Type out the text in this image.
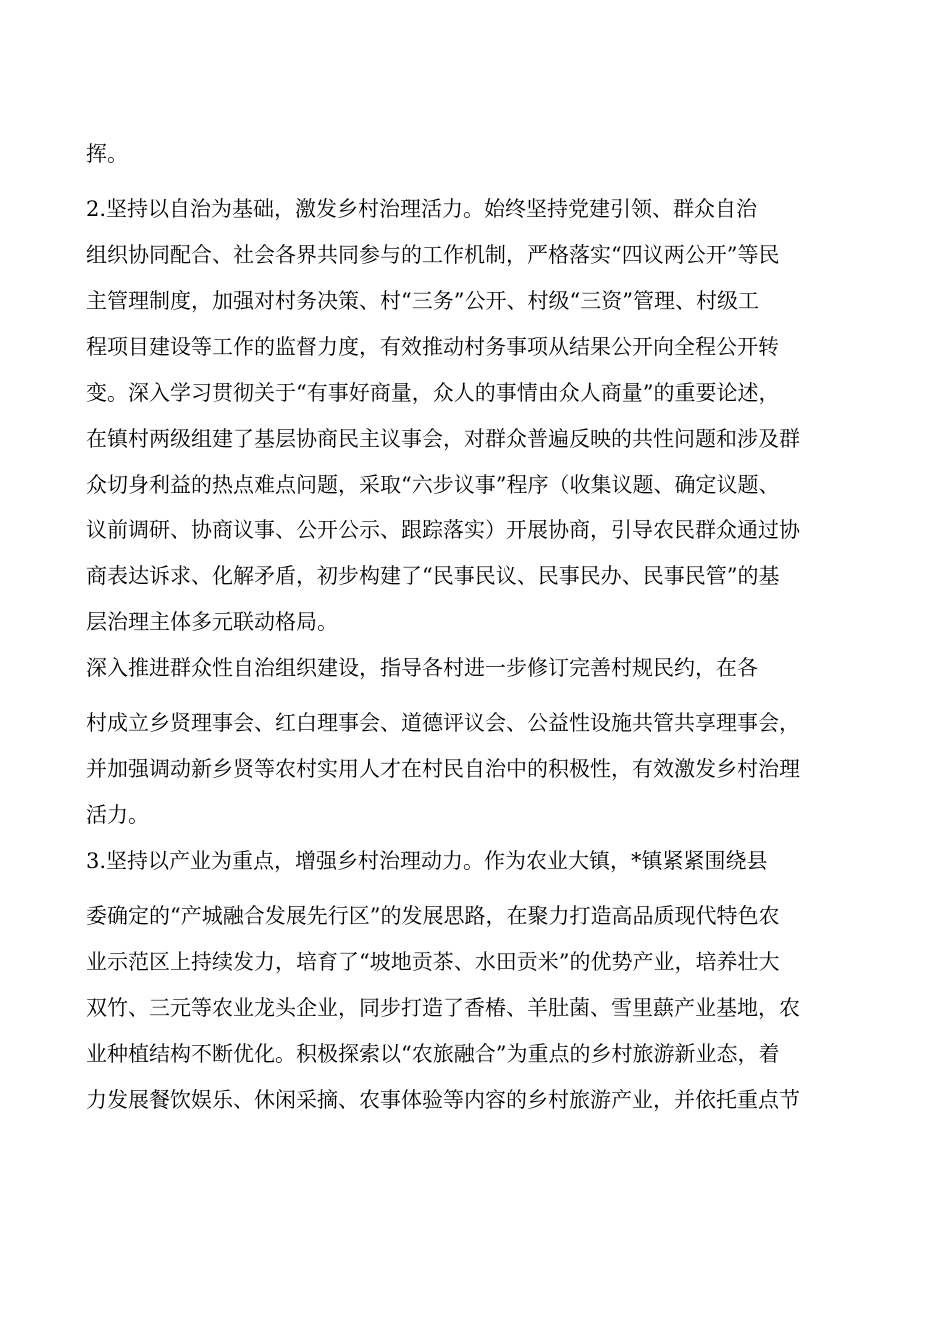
挥。
2.坚持以自治为基础，激发乡村治理活力。始终坚持党建引领、群众自治
组织协同配合、社会各界共同参与的工作机制，严格落实“四议两公开”等民
主管理制度，加强对村务决策、村“三务”公开、村级“三资”管理、村级工
程项目建设等工作的监督力度，有效推动村务事项从结果公开向全程公开转
变。深入学习贯彻关于“有事好商量，众人的事情由众人商量”的重要论述，
在镇村两级组建了基层协商民主议事会，对群众普遍反映的共性问题和涉及群
众切身利益的热点难点问题，采取“六步议事”程序（收集议题、确定议题、
议前调研、协商议事、公开公示、跟踪落实）开展协商，引导农民群众通过协
商表达诉求、化解矛盾，初步构建了“民事民议、民事民办、民事民管”的基
层治理主体多元联动格局。
深入推进群众性自治组织建设，指导各村进一步修订完善村规民约，在各
村成立乡贤理事会、红白理事会、道德评议会、公益性设施共管共享理事会，
并加强调动新乡贤等农村实用人才在村民自治中的积极性，有效激发乡村治理
活力。
3.坚持以产业为重点，增强乡村治理动力。作为农业大镇，*镇紧紧围绕县
委确定的“产城融合发展先行区”的发展思路，在聚力打造高品质现代特色农
业示范区上持续发力，培育了“坡地贡茶、水田贡米”的优势产业，培养壮大
双竹、三元等农业龙头企业，同步打造了香椿、羊肚菌、雪里蕻产业基地，农
业种植结构不断优化。积极探索以“农旅融合”为重点的乡村旅游新业态，着
力发展餐饮娱乐、休闲采摘、农事体验等内容的乡村旅游产业，并依托重点节
